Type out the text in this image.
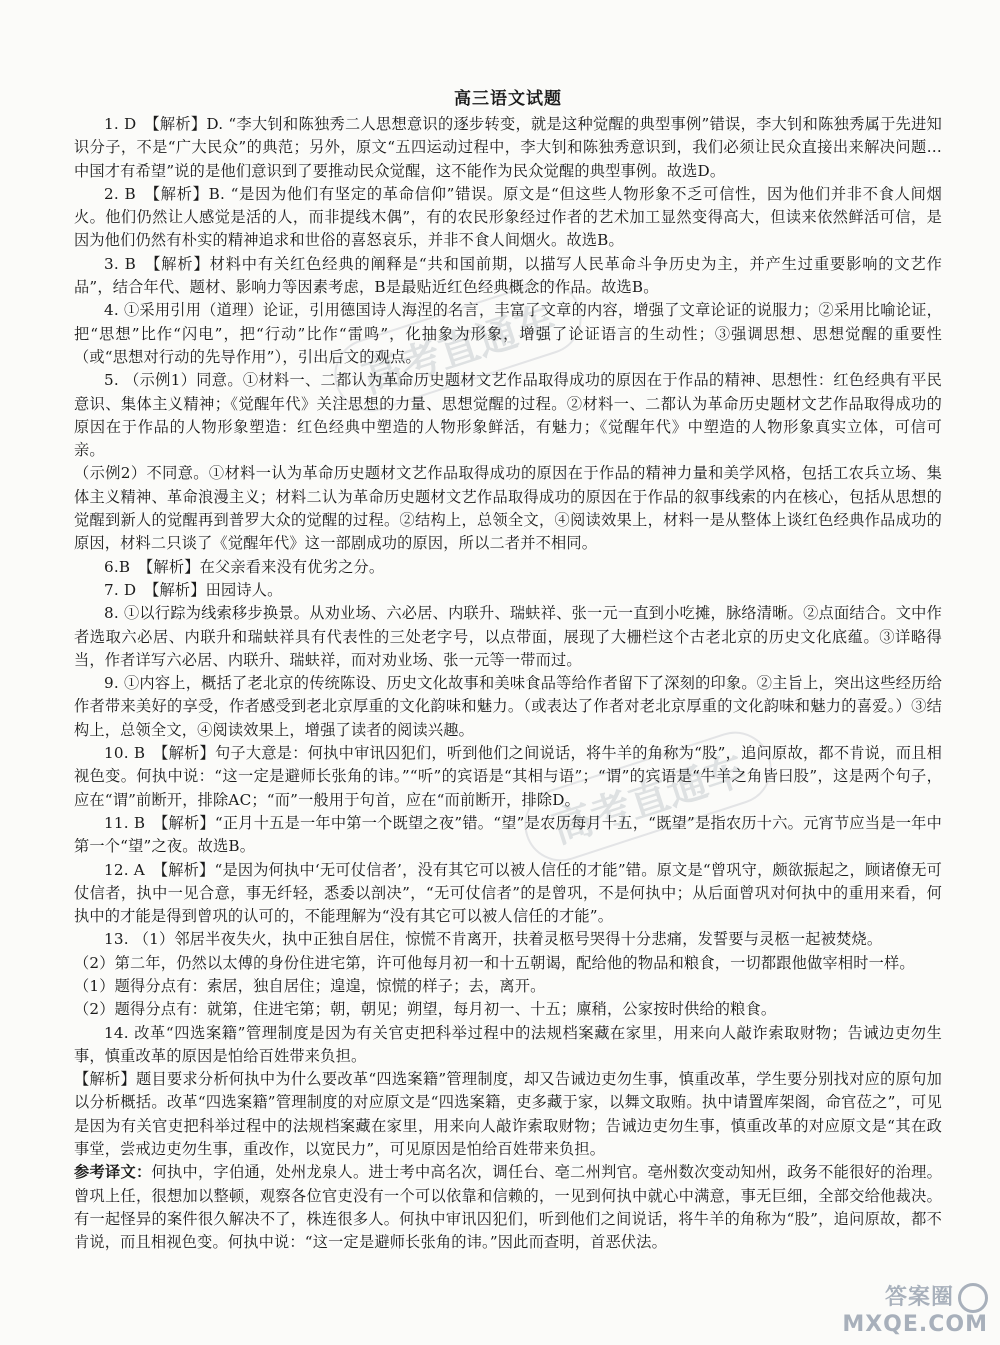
高考直通车
高考直通车
高三语文试题

1. D　【解析】D. “李大钊和陈独秀二人思想意识的逐步转变，就是这种觉醒的典型事例”错误，李大钊和陈独秀属于先进知识分子，不是“广大民众”的典范；另外，原文“五四运动过程中，李大钊和陈独秀意识到，我们必须让民众直接出来解决问题…中国才有希望”说的是他们意识到了要推动民众觉醒，这不能作为民众觉醒的典型事例。故选D。

2. B　【解析】B. “是因为他们有坚定的革命信仰”错误。原文是“但这些人物形象不乏可信性，因为他们并非不食人间烟火。他们仍然让人感觉是活的人，而非提线木偶”，有的农民形象经过作者的艺术加工显然变得高大，但读来依然鲜活可信，是因为他们仍然有朴实的精神追求和世俗的喜怒哀乐，并非不食人间烟火。故选B。

3. B　【解析】材料中有关红色经典的阐释是“共和国前期，以描写人民革命斗争历史为主，并产生过重要影响的文艺作品”，结合年代、题材、影响力等因素考虑，B是最贴近红色经典概念的作品。故选B。

4. ①采用引用（道理）论证，引用德国诗人海涅的名言，丰富了文章的内容，增强了文章论证的说服力；②采用比喻论证，把“思想”比作“闪电”，把“行动”比作“雷鸣”，化抽象为形象，增强了论证语言的生动性；③强调思想、思想觉醒的重要性（或“思想对行动的先导作用”），引出后文的观点。

5. （示例1）同意。①材料一、二都认为革命历史题材文艺作品取得成功的原因在于作品的精神、思想性：红色经典有平民意识、集体主义精神；《觉醒年代》关注思想的力量、思想觉醒的过程。②材料一、二都认为革命历史题材文艺作品取得成功的原因在于作品的人物形象塑造：红色经典中塑造的人物形象鲜活，有魅力；《觉醒年代》中塑造的人物形象真实立体，可信可亲。

（示例2）不同意。①材料一认为革命历史题材文艺作品取得成功的原因在于作品的精神力量和美学风格，包括工农兵立场、集体主义精神、革命浪漫主义；材料二认为革命历史题材文艺作品取得成功的原因在于作品的叙事线索的内在核心，包括从思想的觉醒到新人的觉醒再到普罗大众的觉醒的过程。②结构上，总领全文，④阅读效果上，材料一是从整体上谈红色经典作品成功的原因，材料二只谈了《觉醒年代》这一部剧成功的原因，所以二者并不相同。

6.B　【解析】在父亲看来没有优劣之分。

7. D　【解析】田园诗人。

8. ①以行踪为线索移步换景。从劝业场、六必居、内联升、瑞蚨祥、张一元一直到小吃摊，脉络清晰。②点面结合。文中作者选取六必居、内联升和瑞蚨祥具有代表性的三处老字号，以点带面，展现了大栅栏这个古老北京的历史文化底蕴。③详略得当，作者详写六必居、内联升、瑞蚨祥，而对劝业场、张一元等一带而过。

9. ①内容上，概括了老北京的传统陈设、历史文化故事和美味食品等给作者留下了深刻的印象。②主旨上，突出这些经历给作者带来美好的享受，作者感受到老北京厚重的文化韵味和魅力。（或表达了作者对老北京厚重的文化韵味和魅力的喜爱。）③结构上，总领全文，④阅读效果上，增强了读者的阅读兴趣。

10. B　【解析】句子大意是：何执中审讯囚犯们，听到他们之间说话，将牛羊的角称为“股”，追问原故，都不肯说，而且相视色变。何执中说：“这一定是避师长张角的讳。”“听”的宾语是“其相与语”；“谓”的宾语是“牛羊之角皆曰股”，这是两个句子，应在“谓”前断开，排除AC；“而”一般用于句首，应在“而前断开，排除D。

11. B　【解析】“正月十五是一年中第一个既望之夜”错。“望”是农历每月十五，“既望”是指农历十六。元宵节应当是一年中第一个“望”之夜。故选B。

12. A　【解析】“是因为何执中‘无可仗信者’，没有其它可以被人信任的才能”错。原文是“曾巩守，颇欲振起之，顾诸僚无可仗信者，执中一见合意，事无纤轻，悉委以剖决”，“无可仗信者”的是曾巩，不是何执中；从后面曾巩对何执中的重用来看，何执中的才能是得到曾巩的认可的，不能理解为“没有其它可以被人信任的才能”。

13. （1）邻居半夜失火，执中正独自居住，惊慌不肯离开，扶着灵柩号哭得十分悲痛，发誓要与灵柩一起被焚烧。

（2）第二年，仍然以太傅的身份住进宅第，许可他每月初一和十五朝谒，配给他的物品和粮食，一切都跟他做宰相时一样。

（1）题得分点有：索居，独自居住；遑遑，惊慌的样子；去，离开。

（2）题得分点有：就第，住进宅第；朝，朝见；朔望，每月初一、十五；廪稍，公家按时供给的粮食。

14. 改革“四选案籍”管理制度是因为有关官吏把科举过程中的法规档案藏在家里，用来向人敲诈索取财物；告诫边吏勿生事，慎重改革的原因是怕给百姓带来负担。

【解析】题目要求分析何执中为什么要改革“四选案籍”管理制度，却又告诫边吏勿生事，慎重改革，学生要分别找对应的原句加以分析概括。改革“四选案籍”管理制度的对应原文是“四选案籍，吏多藏于家，以舞文取贿。执中请置库架阁，命官莅之”，可见是因为有关官吏把科举过程中的法规档案藏在家里，用来向人敲诈索取财物；告诫边吏勿生事，慎重改革的对应原文是“其在政事堂，尝戒边吏勿生事，重改作，以宽民力”，可见原因是怕给百姓带来负担。

参考译文：何执中，字伯通，处州龙泉人。进士考中高名次，调任台、亳二州判官。亳州数次变动知州，政务不能很好的治理。曾巩上任，很想加以整顿，观察各位官吏没有一个可以依靠和信赖的，一见到何执中就心中满意，事无巨细，全部交给他裁决。有一起怪异的案件很久解决不了，株连很多人。何执中审讯囚犯们，听到他们之间说话，将牛羊的角称为“股”，追问原故，都不肯说，而且相视色变。何执中说：“这一定是避师长张角的讳。”因此而查明，首恶伏法。

答案圈
MXQE.COM
